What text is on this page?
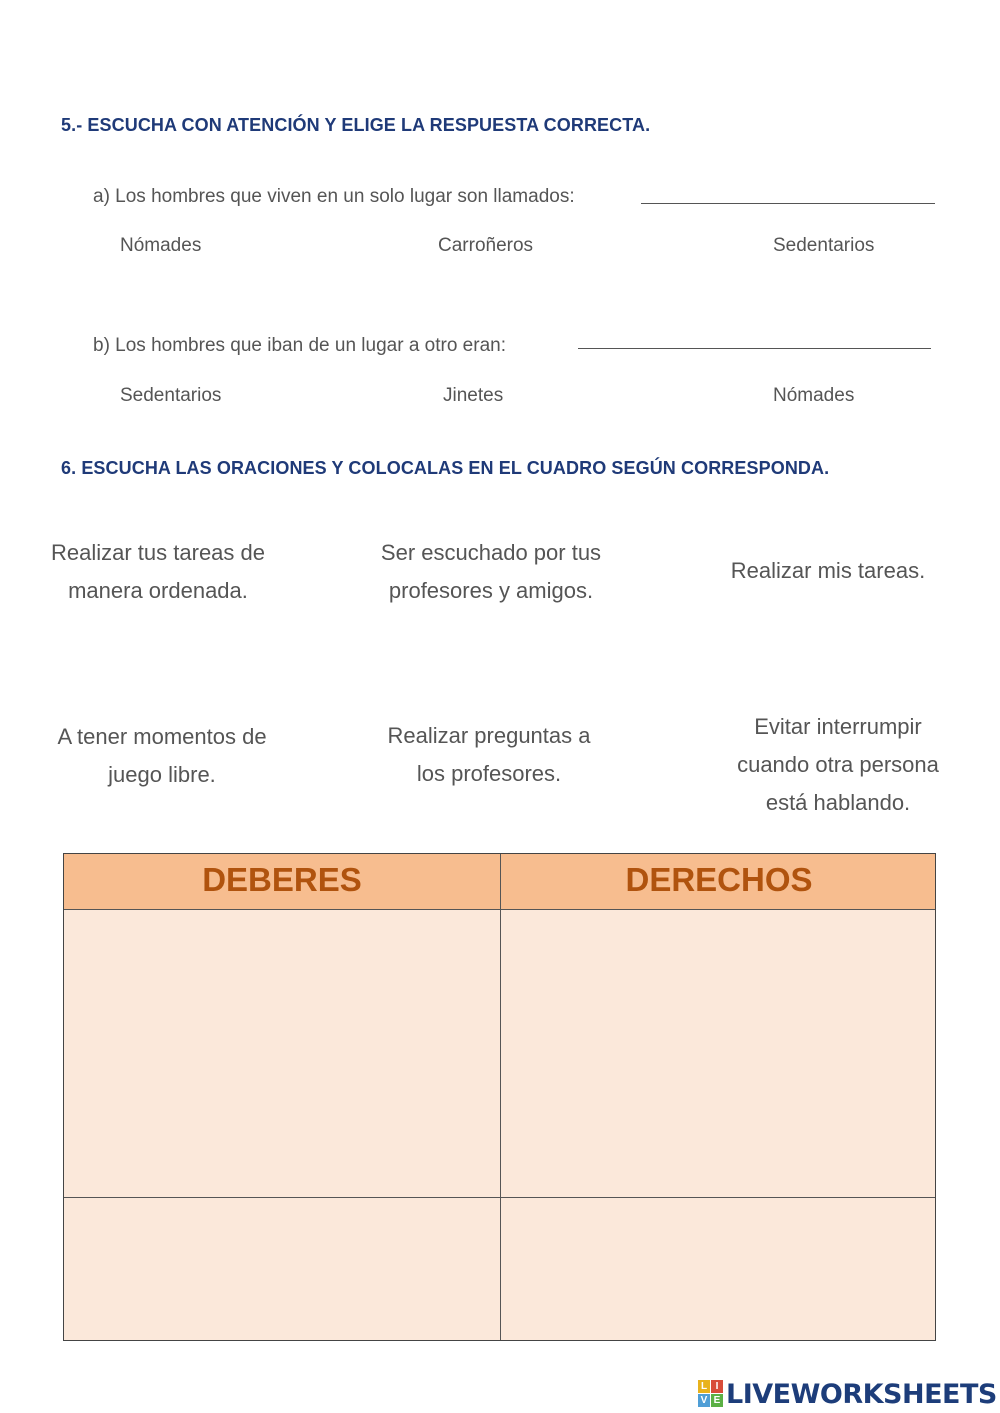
5.- ESCUCHA CON ATENCIÓN Y ELIGE LA RESPUESTA CORRECTA.
a) Los hombres que viven en un solo lugar son llamados:
Nómades	Carroñeros	Sedentarios
b) Los hombres que iban de un lugar a otro eran:
Sedentarios	Jinetes	Nómades
6. ESCUCHA LAS ORACIONES Y COLOCALAS EN EL CUADRO SEGÚN CORRESPONDA.
Realizar tus tareas de
manera ordenada.
Ser escuchado por tus
profesores y amigos.
Realizar mis tareas.
A tener momentos de
juego libre.
Realizar preguntas a
los profesores.
Evitar interrumpir
cuando otra persona
está hablando.
DEBERES	DERECHOS
L I
V E LIVEWORKSHEETS
